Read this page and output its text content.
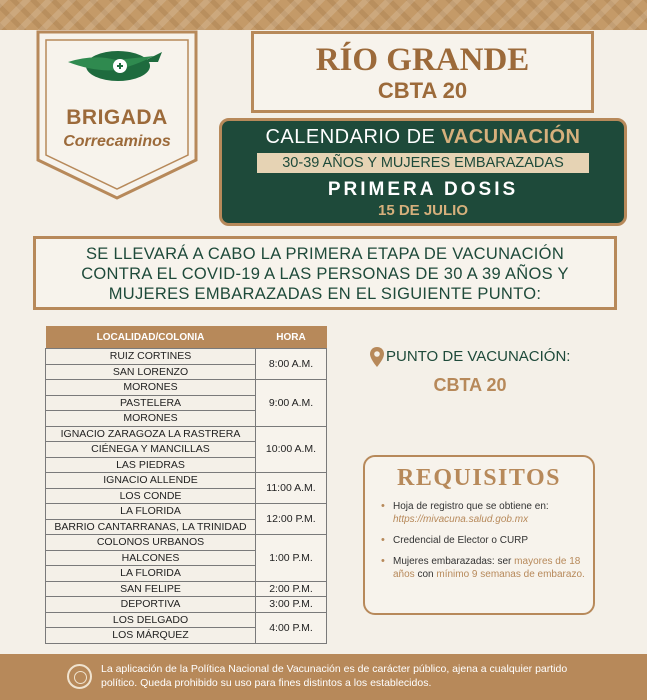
BRIGADA
Correcaminos
RÍO GRANDE
CBTA 20
CALENDARIO DE VACUNACIÓN
30-39 AÑOS Y MUJERES EMBARAZADAS
PRIMERA DOSIS
15 DE JULIO
SE LLEVARÁ A CABO LA PRIMERA ETAPA DE VACUNACIÓN
CONTRA EL COVID-19 A LAS PERSONAS DE 30 A 39 AÑOS Y
MUJERES EMBARAZADAS EN EL SIGUIENTE PUNTO:
LOCALIDAD/COLONIA	HORA
RUIZ CORTINES	8:00 A.M.
SAN LORENZO	
MORONES	9:00 A.M.
PASTELERA	
MORONES	
IGNACIO ZARAGOZA LA RASTRERA	10:00 A.M.
CIÉNEGA Y MANCILLAS	
LAS PIEDRAS	
IGNACIO ALLENDE	11:00 A.M.
LOS CONDE	
LA FLORIDA	12:00 P.M.
BARRIO CANTARRANAS, LA TRINIDAD	
COLONOS URBANOS	1:00 P.M.
HALCONES	
LA FLORIDA	
SAN FELIPE	2:00 P.M.
DEPORTIVA	3:00 P.M.
LOS DELGADO	4:00 P.M.
LOS MÁRQUEZ	
PUNTO DE VACUNACIÓN:
CBTA 20
REQUISITOS
• Hoja de registro que se obtiene en: https://mivacuna.salud.gob.mx
• Credencial de Elector o CURP
• Mujeres embarazadas: ser mayores de 18 años con mínimo 9 semanas de embarazo.
La aplicación de la Política Nacional de Vacunación es de carácter público, ajena a cualquier partido político. Queda prohibido su uso para fines distintos a los establecidos.
